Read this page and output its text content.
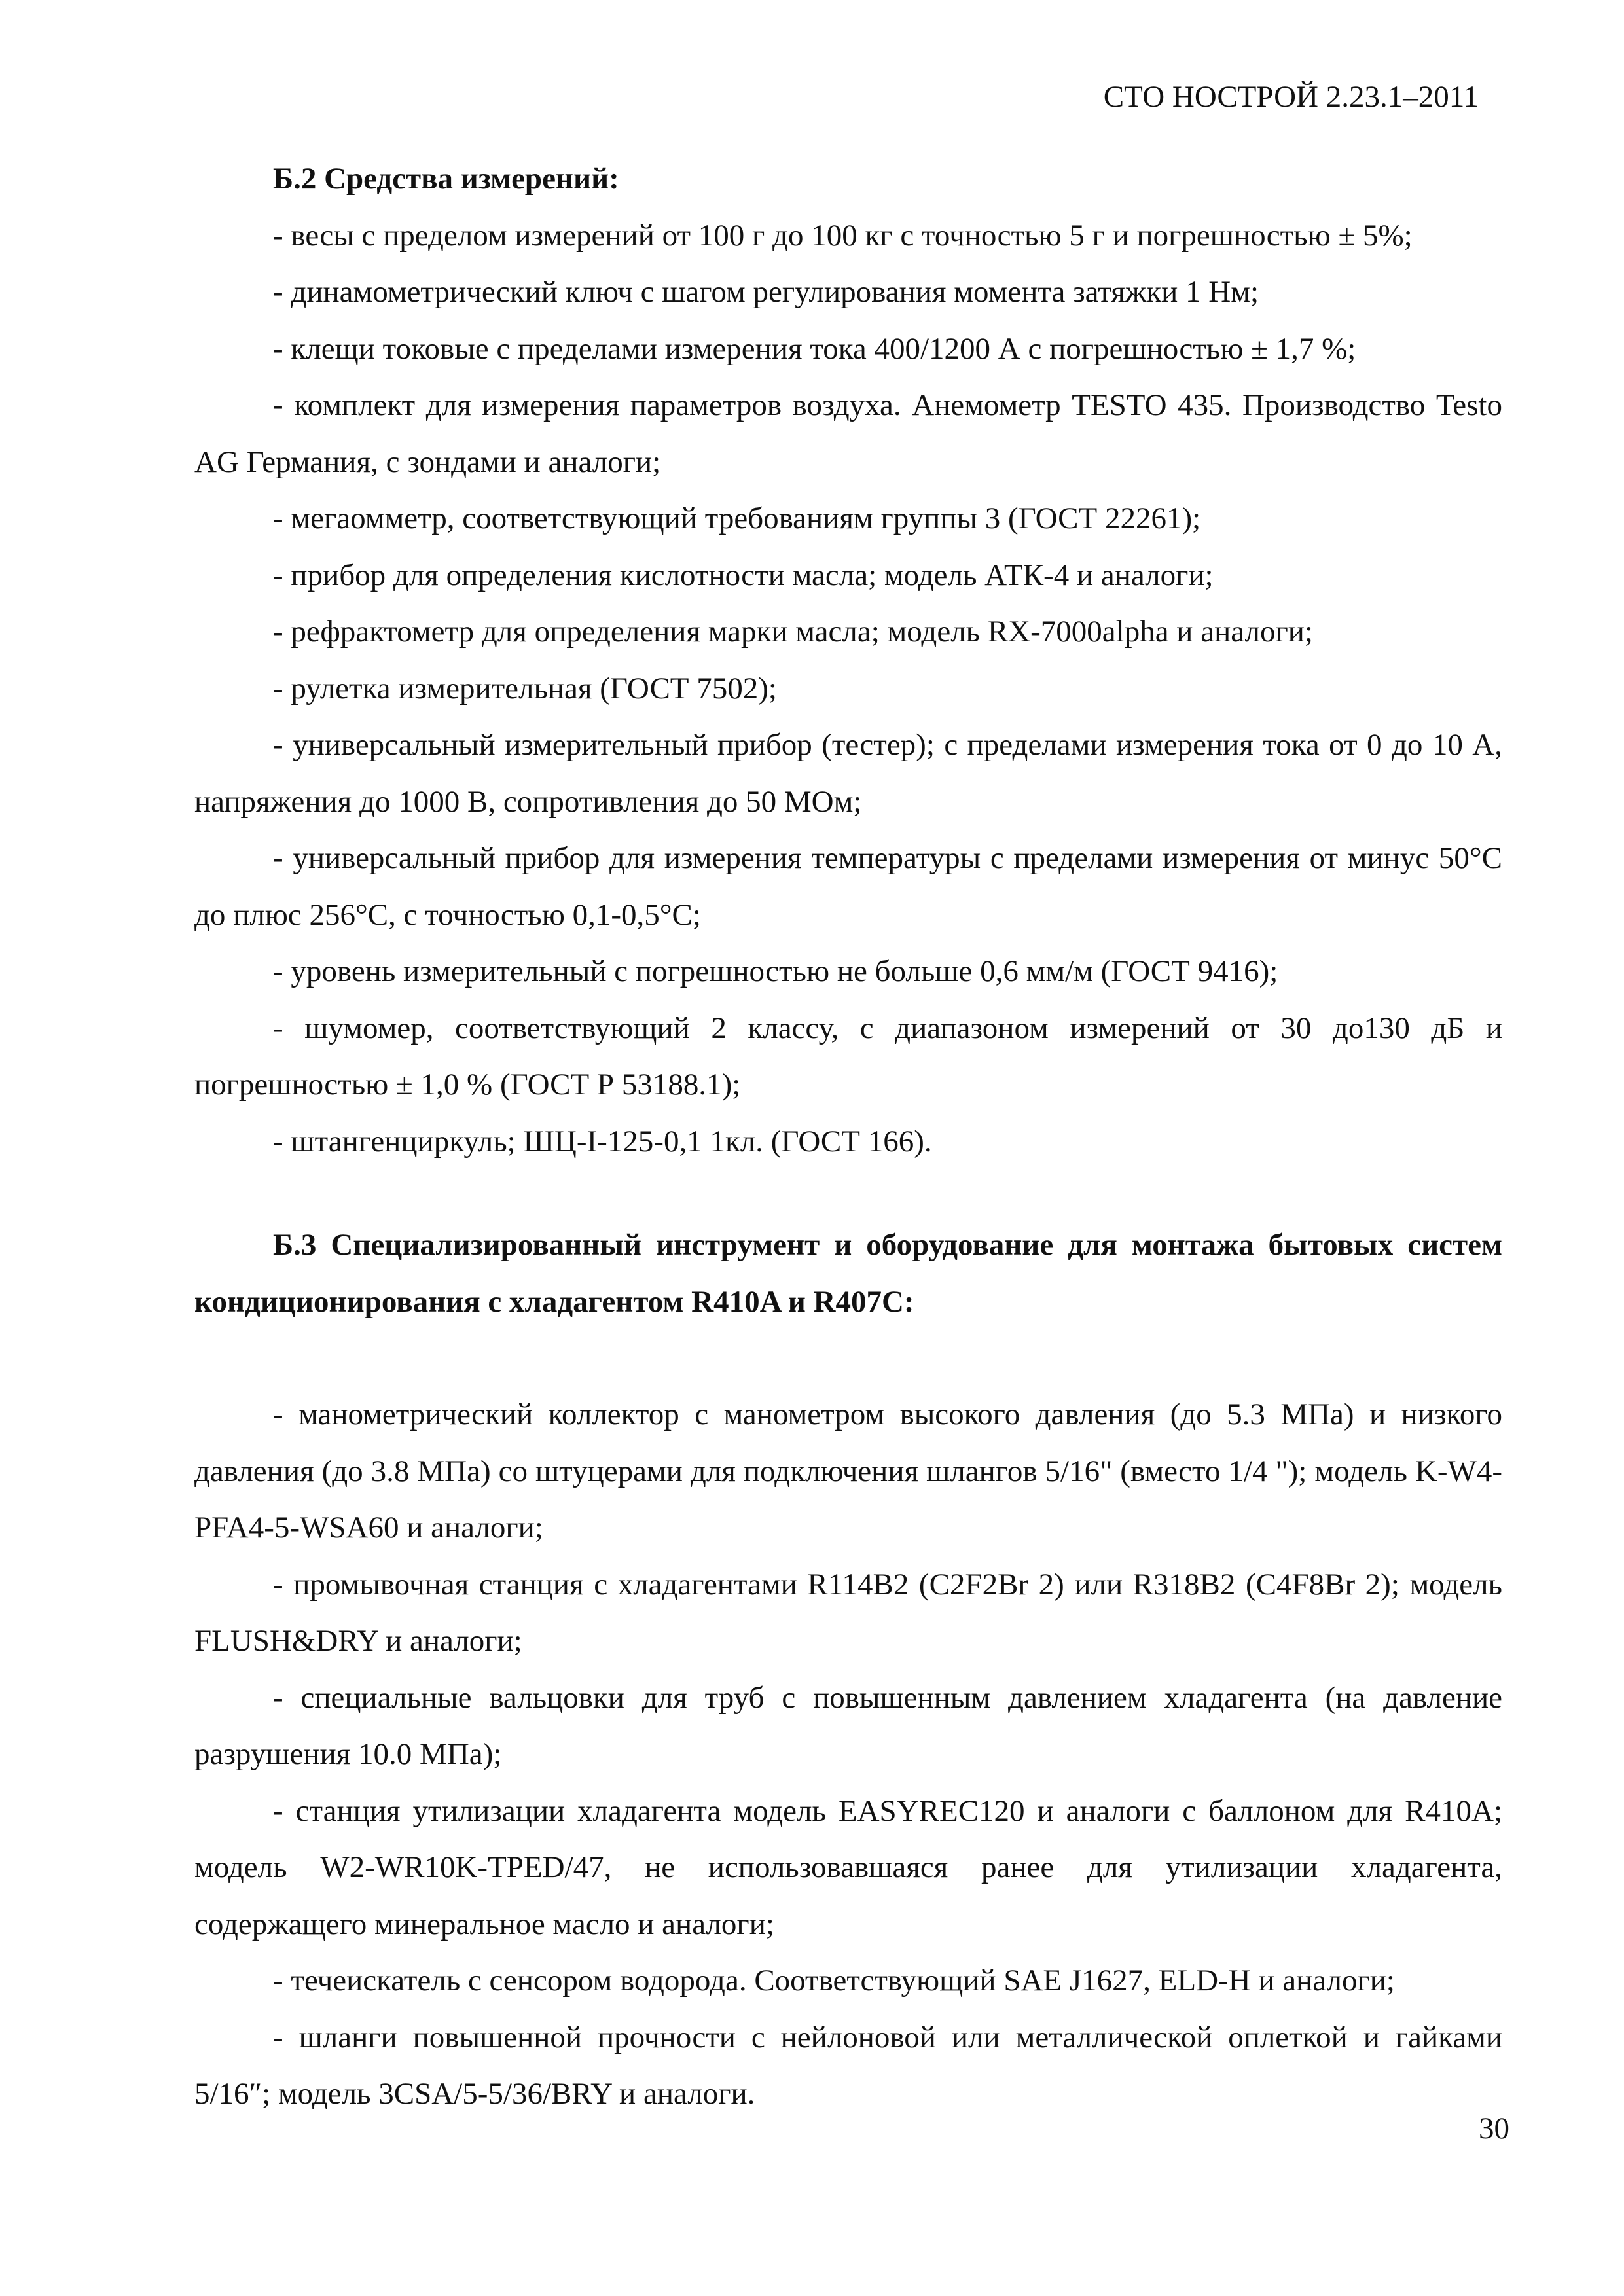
СТО НОСТРОЙ 2.23.1–2011

Б.2 Средства измерений:

- весы с пределом измерений от 100 г до 100 кг с точностью 5 г и погрешностью ± 5%;

- динамометрический ключ с шагом регулирования момента затяжки 1 Нм;

- клещи токовые с пределами измерения тока 400/1200 А с погрешностью ± 1,7 %;

- комплект для измерения параметров воздуха. Анемометр TESTO 435. Производство Testo AG Германия, с зондами и аналоги;

- мегаомметр, соответствующий требованиям группы 3 (ГОСТ 22261);

- прибор для определения кислотности масла; модель АТК-4 и аналоги;

- рефрактометр для определения марки масла; модель RX-7000alpha и аналоги;

- рулетка измерительная (ГОСТ 7502);

- универсальный измерительный прибор (тестер); с пределами измерения тока от 0 до 10 А, напряжения до 1000 В, сопротивления до 50 МОм;

- универсальный прибор для измерения температуры с пределами измерения от минус 50°С до плюс 256°С, с точностью 0,1-0,5°С;

- уровень измерительный с погрешностью не больше 0,6 мм/м (ГОСТ 9416);

- шумомер, соответствующий 2 классу, с диапазоном измерений от 30 до130 дБ и погрешностью ± 1,0 % (ГОСТ Р 53188.1);

- штангенциркуль; ШЦ-I-125-0,1 1кл. (ГОСТ 166).

Б.3 Специализированный инструмент и оборудование для монтажа бытовых систем кондиционирования с хладагентом R410A и R407C:

- манометрический коллектор с манометром высокого давления (до 5.3 МПа) и низкого давления (до 3.8 МПа) со штуцерами для подключения шлангов 5/16" (вместо 1/4 "); модель K-W4-PFA4-5-WSA60 и аналоги;

- промывочная станция с хладагентами R114B2 (С2F2Вr 2) или R318B2 (C4F8Вr 2); модель FLUSH&DRY и аналоги;

- специальные вальцовки для труб с повышенным давлением хладагента (на давление разрушения 10.0 МПа);

- станция утилизации хладагента модель EASYREC120 и аналоги с баллоном для R410A; модель W2-WR10K-TPED/47, не использовавшаяся ранее для утилизации хладагента, содержащего минеральное масло и аналоги;

- течеискатель с сенсором водорода. Соответствующий SAE J1627, ELD-H и аналоги;

- шланги повышенной прочности с нейлоновой или металлической оплеткой и гайками 5/16″; модель 3CSA/5-5/36/BRY и аналоги.

30
